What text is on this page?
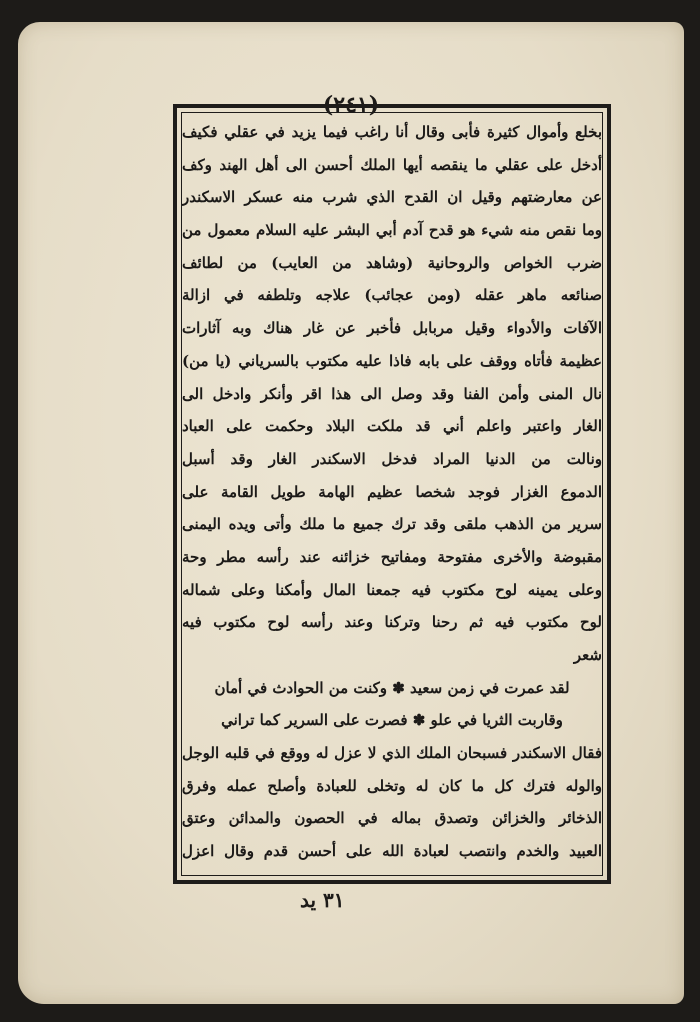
(٢٤١)
بخلع وأموال كثيرة فأبى وقال أنا راغب فيما يزيد في عقلي فكيف
أدخل على عقلي ما ينقصه أيها الملك أحسن الى أهل الهند وكف
عن معارضتهم وقيل ان القدح الذي شرب منه عسكر الاسكندر
وما نقص منه شيء هو قدح آدم أبي البشر عليه السلام معمول من
ضرب الخواص والروحانية (وشاهد من العايب) من لطائف
صنائعه ماهر عقله (ومن عجائب) علاجه وتلطفه في ازالة
الآفات والأدواء وقيل مربابل فأخبر عن غار هناك وبه آثارات
عظيمة فأتاه ووقف على بابه فاذا عليه مكتوب بالسرياني (يا من)
نال المنى وأمن الفنا وقد وصل الى هذا اقر وأنكر وادخل الى
الغار واعتبر واعلم أني قد ملكت البلاد وحكمت على العباد
ونالت من الدنيا المراد فدخل الاسكندر الغار وقد أسبل
الدموع الغزار فوجد شخصا عظيم الهامة طويل القامة على
سرير من الذهب ملقى وقد ترك جميع ما ملك وأتى ويده اليمنى
مقبوضة والأخرى مفتوحة ومفاتيح خزائنه عند رأسه مطر وحة
وعلى يمينه لوح مكتوب فيه جمعنا المال وأمكنا وعلى شماله
لوح مكتوب فيه ثم رحنا وتركنا وعند رأسه لوح مكتوب فيه
شعر
لقد عمرت في زمن سعيد ✽ وكنت من الحوادث في أمان
وقاربت الثريا في علو ✽ فصرت على السرير كما تراني
فقال الاسكندر فسبحان الملك الذي لا عزل له ووقع في قلبه الوجل
والوله فترك كل ما كان له وتخلى للعبادة وأصلح عمله وفرق
الذخائر والخزائن وتصدق بماله في الحصون والمدائن وعتق
العبيد والخدم وانتصب لعبادة الله على أحسن قدم وقال اعزل
٣١ يد
